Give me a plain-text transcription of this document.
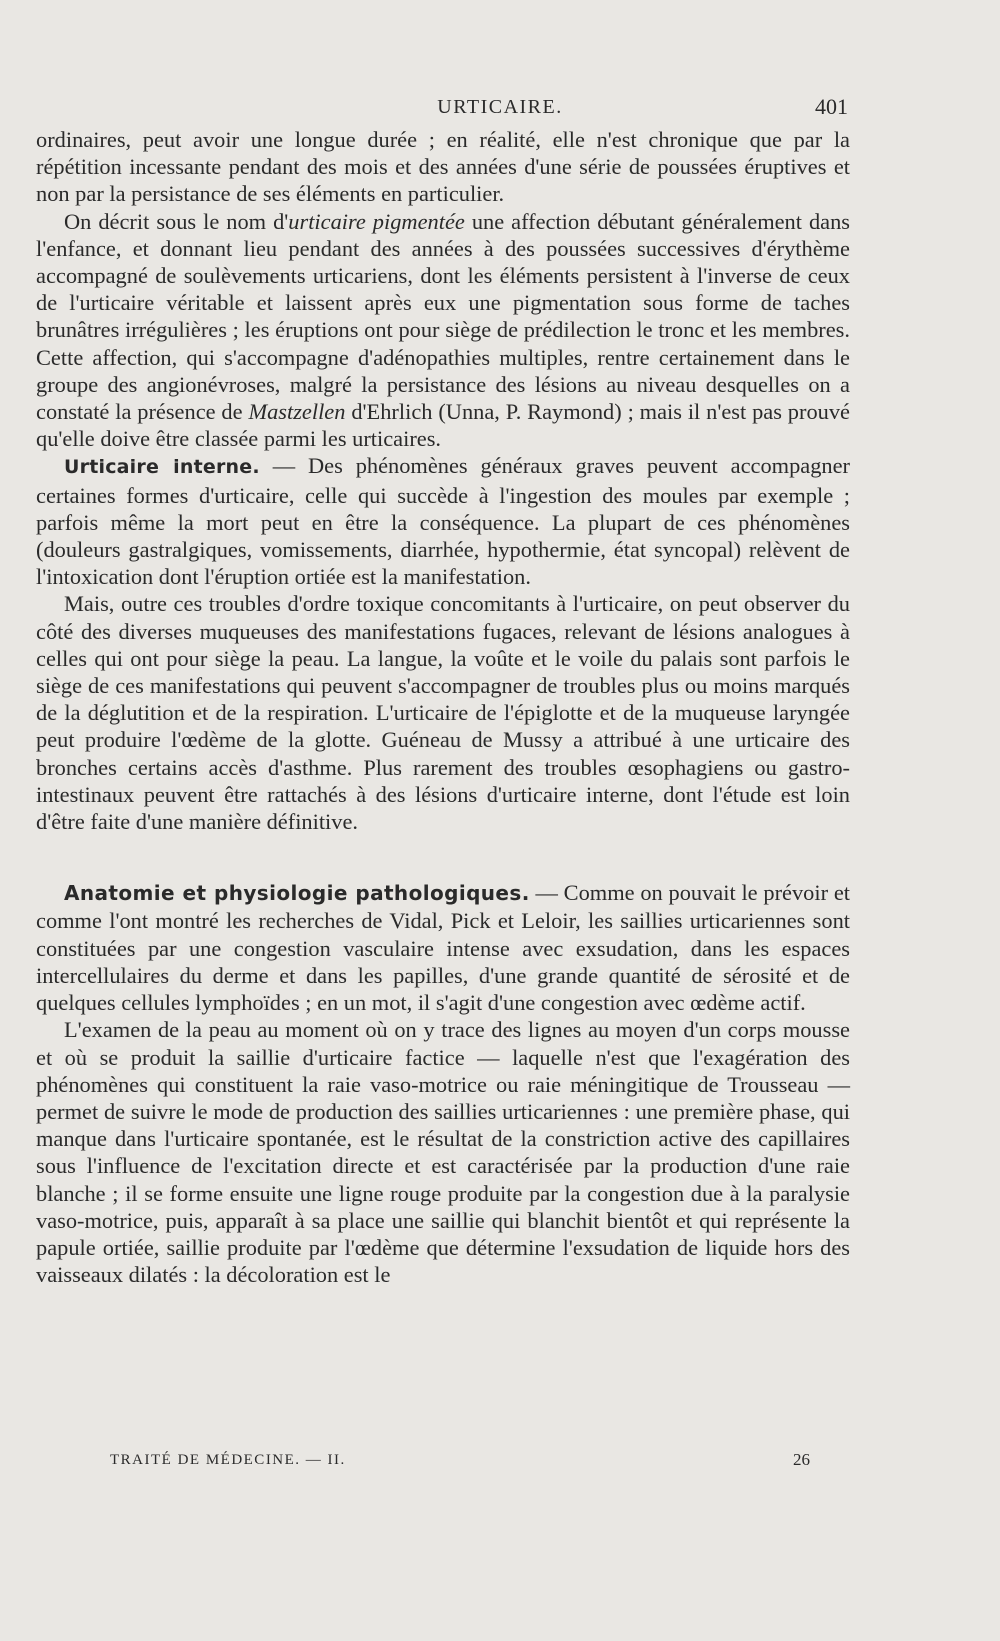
URTICAIRE.	401

ordinaires, peut avoir une longue durée ; en réalité, elle n'est chronique que par la répétition incessante pendant des mois et des années d'une série de poussées éruptives et non par la persistance de ses éléments en particulier.

On décrit sous le nom d'urticaire pigmentée une affection débutant généralement dans l'enfance, et donnant lieu pendant des années à des poussées successives d'érythème accompagné de soulèvements urticariens, dont les éléments persistent à l'inverse de ceux de l'urticaire véritable et laissent après eux une pigmentation sous forme de taches brunâtres irrégulières ; les éruptions ont pour siège de prédilection le tronc et les membres. Cette affection, qui s'accompagne d'adénopathies multiples, rentre certainement dans le groupe des angionévroses, malgré la persistance des lésions au niveau desquelles on a constaté la présence de Mastzellen d'Ehrlich (Unna, P. Raymond) ; mais il n'est pas prouvé qu'elle doive être classée parmi les urticaires.

Urticaire interne. — Des phénomènes généraux graves peuvent accompagner certaines formes d'urticaire, celle qui succède à l'ingestion des moules par exemple ; parfois même la mort peut en être la conséquence. La plupart de ces phénomènes (douleurs gastralgiques, vomissements, diarrhée, hypothermie, état syncopal) relèvent de l'intoxication dont l'éruption ortiée est la manifestation.

Mais, outre ces troubles d'ordre toxique concomitants à l'urticaire, on peut observer du côté des diverses muqueuses des manifestations fugaces, relevant de lésions analogues à celles qui ont pour siège la peau. La langue, la voûte et le voile du palais sont parfois le siège de ces manifestations qui peuvent s'accompagner de troubles plus ou moins marqués de la déglutition et de la respiration. L'urticaire de l'épiglotte et de la muqueuse laryngée peut produire l'œdème de la glotte. Guéneau de Mussy a attribué à une urticaire des bronches certains accès d'asthme. Plus rarement des troubles œsophagiens ou gastro-intestinaux peuvent être rattachés à des lésions d'urticaire interne, dont l'étude est loin d'être faite d'une manière définitive.

Anatomie et physiologie pathologiques. — Comme on pouvait le prévoir et comme l'ont montré les recherches de Vidal, Pick et Leloir, les saillies urticariennes sont constituées par une congestion vasculaire intense avec exsudation, dans les espaces intercellulaires du derme et dans les papilles, d'une grande quantité de sérosité et de quelques cellules lymphoïdes ; en un mot, il s'agit d'une congestion avec œdème actif.

L'examen de la peau au moment où on y trace des lignes au moyen d'un corps mousse et où se produit la saillie d'urticaire factice — laquelle n'est que l'exagération des phénomènes qui constituent la raie vaso-motrice ou raie méningitique de Trousseau — permet de suivre le mode de production des saillies urticariennes : une première phase, qui manque dans l'urticaire spontanée, est le résultat de la constriction active des capillaires sous l'influence de l'excitation directe et est caractérisée par la production d'une raie blanche ; il se forme ensuite une ligne rouge produite par la congestion due à la paralysie vaso-motrice, puis, apparaît à sa place une saillie qui blanchit bientôt et qui représente la papule ortiée, saillie produite par l'œdème que détermine l'exsudation de liquide hors des vaisseaux dilatés : la décoloration est le

TRAITÉ DE MÉDECINE. — II.	26
